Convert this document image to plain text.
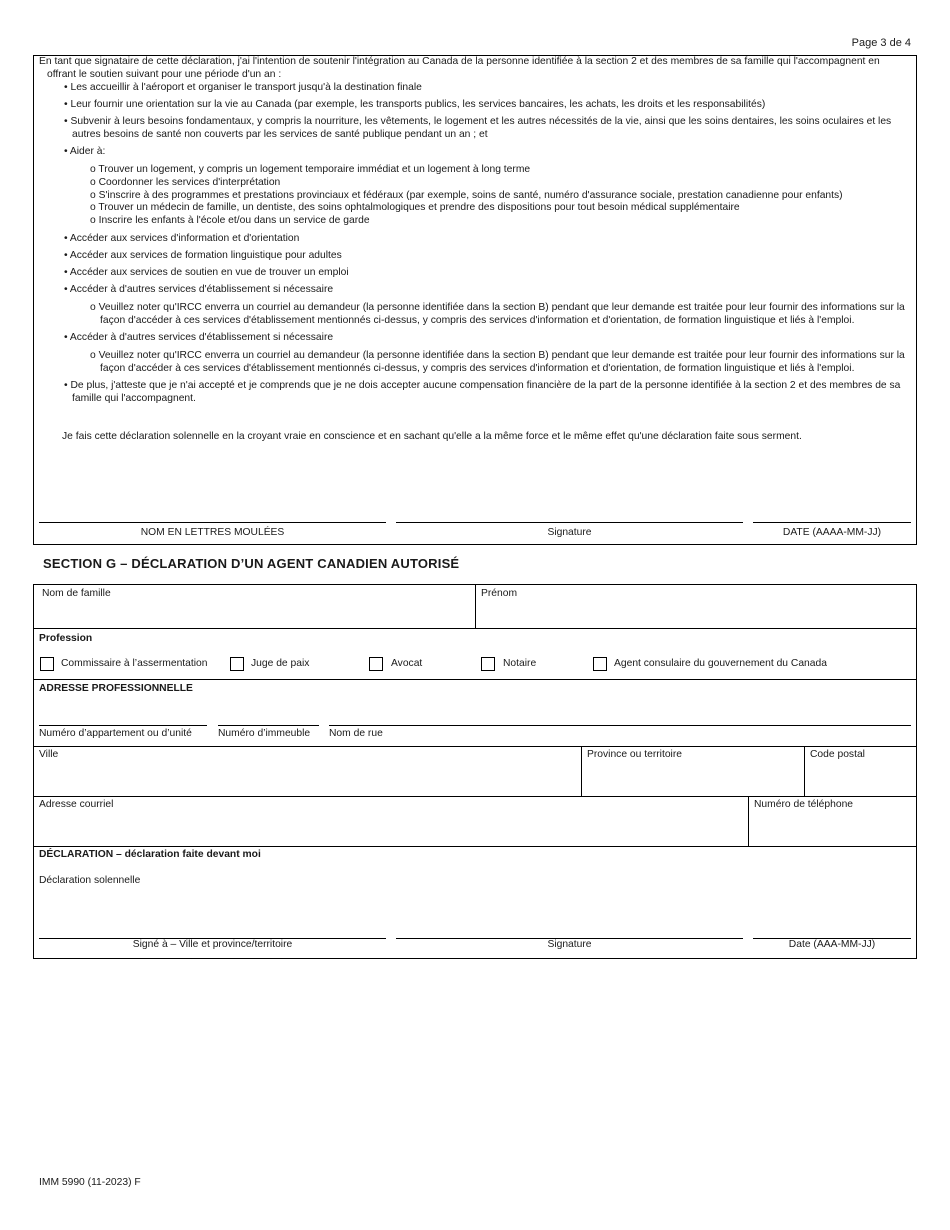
Page 3 de 4

En tant que signataire de cette déclaration, j'ai l'intention de soutenir l'intégration au Canada de la personne identifiée à la section 2 et des membres de sa famille qui l'accompagnent en offrant le soutien suivant pour une période d'un an :

• Les accueillir à l'aéroport et organiser le transport jusqu'à la destination finale
• Leur fournir une orientation sur la vie au Canada (par exemple, les transports publics, les services bancaires, les achats, les droits et les responsabilités)
• Subvenir à leurs besoins fondamentaux, y compris la nourriture, les vêtements, le logement et les autres nécessités de la vie, ainsi que les soins dentaires, les soins oculaires et les autres besoins de santé non couverts par les services de santé publique pendant un an ; et
• Aider à:
o Trouver un logement, y compris un logement temporaire immédiat et un logement à long terme
o Coordonner les services d'interprétation
o S'inscrire à des programmes et prestations provinciaux et fédéraux (par exemple, soins de santé, numéro d'assurance sociale, prestation canadienne pour enfants)
o Trouver un médecin de famille, un dentiste, des soins ophtalmologiques et prendre des dispositions pour tout besoin médical supplémentaire
o Inscrire les enfants à l'école et/ou dans un service de garde
• Accéder aux services d'information et d'orientation
• Accéder aux services de formation linguistique pour adultes
• Accéder aux services de soutien en vue de trouver un emploi
• Accéder à d'autres services d'établissement si nécessaire
o Veuillez noter qu'IRCC enverra un courriel au demandeur (la personne identifiée dans la section B) pendant que leur demande est traitée pour leur fournir des informations sur la façon d'accéder à ces services d'établissement mentionnés ci-dessus, y compris des services d'information et d'orientation, de formation linguistique et liés à l'emploi.
• Accéder à d'autres services d'établissement si nécessaire
o Veuillez noter qu'IRCC enverra un courriel au demandeur (la personne identifiée dans la section B) pendant que leur demande est traitée pour leur fournir des informations sur la façon d'accéder à ces services d'établissement mentionnés ci-dessus, y compris des services d'information et d'orientation, de formation linguistique et liés à l'emploi.
• De plus, j'atteste que je n'ai accepté et je comprends que je ne dois accepter aucune compensation financière de la part de la personne identifiée à la section 2 et des membres de sa famille qui l'accompagnent.

Je fais cette déclaration solennelle en la croyant vraie en conscience et en sachant qu'elle a la même force et le même effet qu'une déclaration faite sous serment.

NOM EN LETTRES MOULÉES	Signature	DATE (AAAA-MM-JJ)
SECTION G – DÉCLARATION D’UN AGENT CANADIEN AUTORISÉ
Nom de famille	Prénom
Profession
Commissaire à l’assermentation	Juge de paix	Avocat	Notaire	Agent consulaire du gouvernement du Canada
ADRESSE PROFESSIONNELLE
Numéro d’appartement ou d’unité	Numéro d’immeuble Nom de rue
Ville	Province ou territoire	Code postal
Adresse courriel	Numéro de téléphone
DÉCLARATION – déclaration faite devant moi
Déclaration solennelle
Signé à – Ville et province/territoire	Signature	Date (AAA-MM-JJ)
IMM 5990 (11-2023) F
